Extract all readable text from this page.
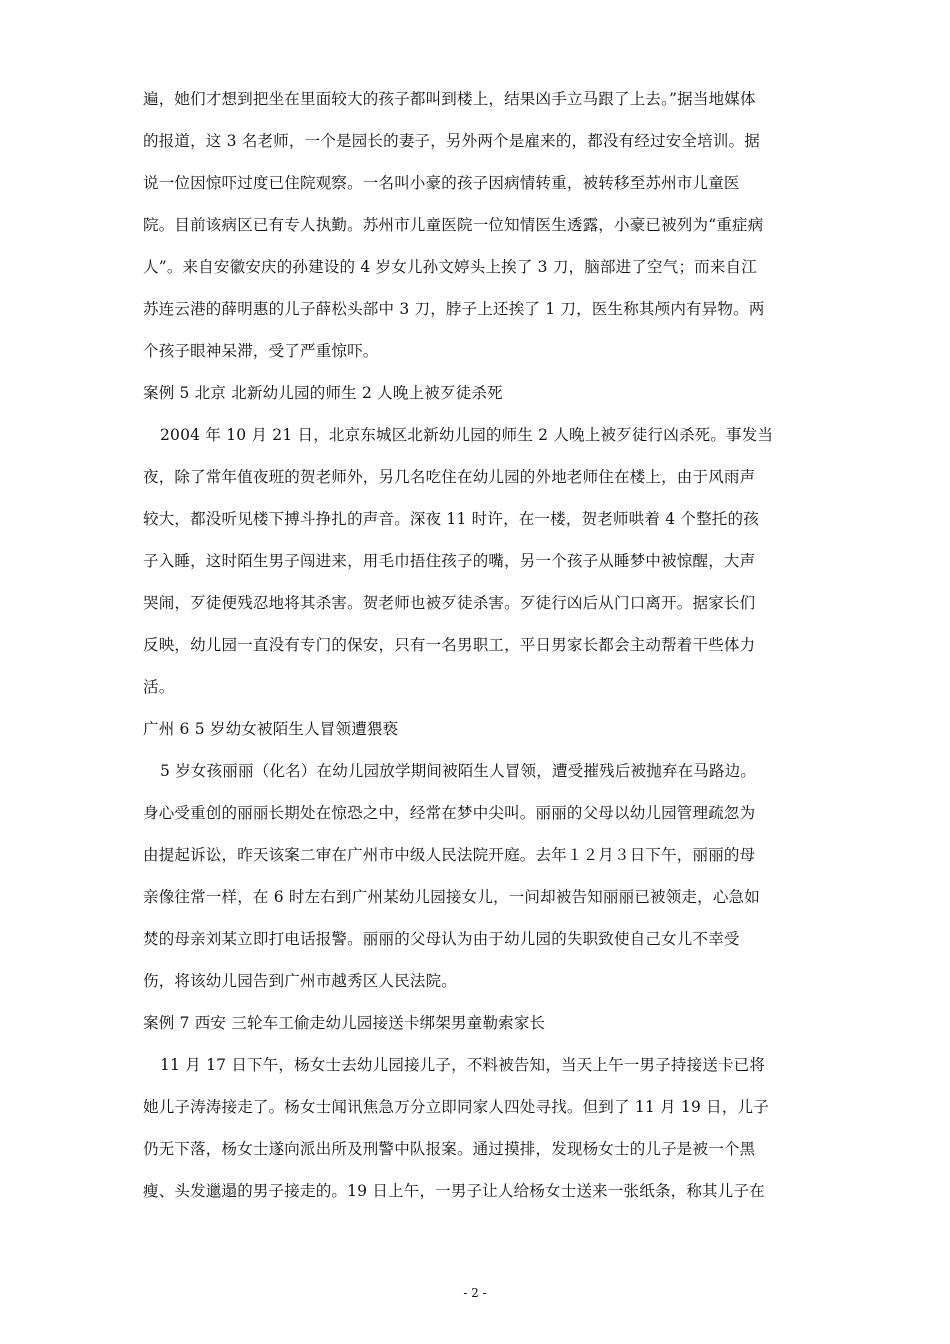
遍，她们才想到把坐在里面较大的孩子都叫到楼上，结果凶手立马跟了上去。”据当地媒体
的报道，这 3 名老师，一个是园长的妻子，另外两个是雇来的，都没有经过安全培训。据
说一位因惊吓过度已住院观察。一名叫小豪的孩子因病情转重，被转移至苏州市儿童医
院。目前该病区已有专人执勤。苏州市儿童医院一位知情医生透露，小豪已被列为“重症病
人”。来自安徽安庆的孙建设的 4 岁女儿孙文婷头上挨了 3 刀，脑部进了空气；而来自江
苏连云港的薛明惠的儿子薛松头部中 3 刀，脖子上还挨了 1 刀，医生称其颅内有异物。两
个孩子眼神呆滞，受了严重惊吓。
案例 5 北京 北新幼儿园的师生 2 人晚上被歹徒杀死
2004 年 10 月 21 日，北京东城区北新幼儿园的师生 2 人晚上被歹徒行凶杀死。事发当
夜，除了常年值夜班的贺老师外，另几名吃住在幼儿园的外地老师住在楼上，由于风雨声
较大，都没听见楼下搏斗挣扎的声音。深夜 11 时许，在一楼，贺老师哄着 4 个整托的孩
子入睡，这时陌生男子闯进来，用毛巾捂住孩子的嘴，另一个孩子从睡梦中被惊醒，大声
哭闹，歹徒便残忍地将其杀害。贺老师也被歹徒杀害。歹徒行凶后从门口离开。据家长们
反映，幼儿园一直没有专门的保安，只有一名男职工，平日男家长都会主动帮着干些体力
活。
广州 6 5 岁幼女被陌生人冒领遭猥亵
5 岁女孩丽丽（化名）在幼儿园放学期间被陌生人冒领，遭受摧残后被抛弃在马路边。
身心受重创的丽丽长期处在惊恐之中，经常在梦中尖叫。丽丽的父母以幼儿园管理疏忽为
由提起诉讼，昨天该案二审在广州市中级人民法院开庭。去年１２月３日下午，丽丽的母
亲像往常一样，在 6 时左右到广州某幼儿园接女儿，一问却被告知丽丽已被领走，心急如
焚的母亲刘某立即打电话报警。丽丽的父母认为由于幼儿园的失职致使自己女儿不幸受
伤，将该幼儿园告到广州市越秀区人民法院。
案例 7 西安 三轮车工偷走幼儿园接送卡绑架男童勒索家长
11 月 17 日下午，杨女士去幼儿园接儿子，不料被告知，当天上午一男子持接送卡已将
她儿子涛涛接走了。杨女士闻讯焦急万分立即同家人四处寻找。但到了 11 月 19 日，儿子
仍无下落，杨女士遂向派出所及刑警中队报案。通过摸排，发现杨女士的儿子是被一个黑
瘦、头发邋遢的男子接走的。19 日上午，一男子让人给杨女士送来一张纸条，称其儿子在
- 2 -
